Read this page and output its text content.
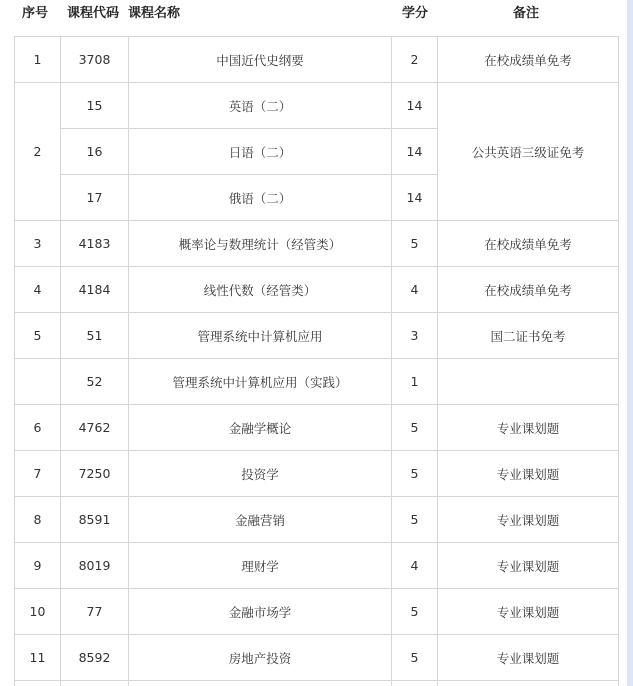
序号 课程代码 课程名称	学分	备注
1	3708	中国近代史纲要	2	在校成绩单免考
2	15	英语（二）	14	公共英语三级证免考
	16	日语（二）	14	
	17	俄语（二）	14	
3	4183	概率论与数理统计（经管类）	5	在校成绩单免考
4	4184	线性代数（经管类）	4	在校成绩单免考
5	51	管理系统中计算机应用	3	国二证书免考
	52	管理系统中计算机应用（实践）	1	
6	4762	金融学概论	5	专业课划题
7	7250	投资学	5	专业课划题
8	8591	金融营销	5	专业课划题
9	8019	理财学	4	专业课划题
10	77	金融市场学	5	专业课划题
11	8592	房地产投资	5	专业课划题
